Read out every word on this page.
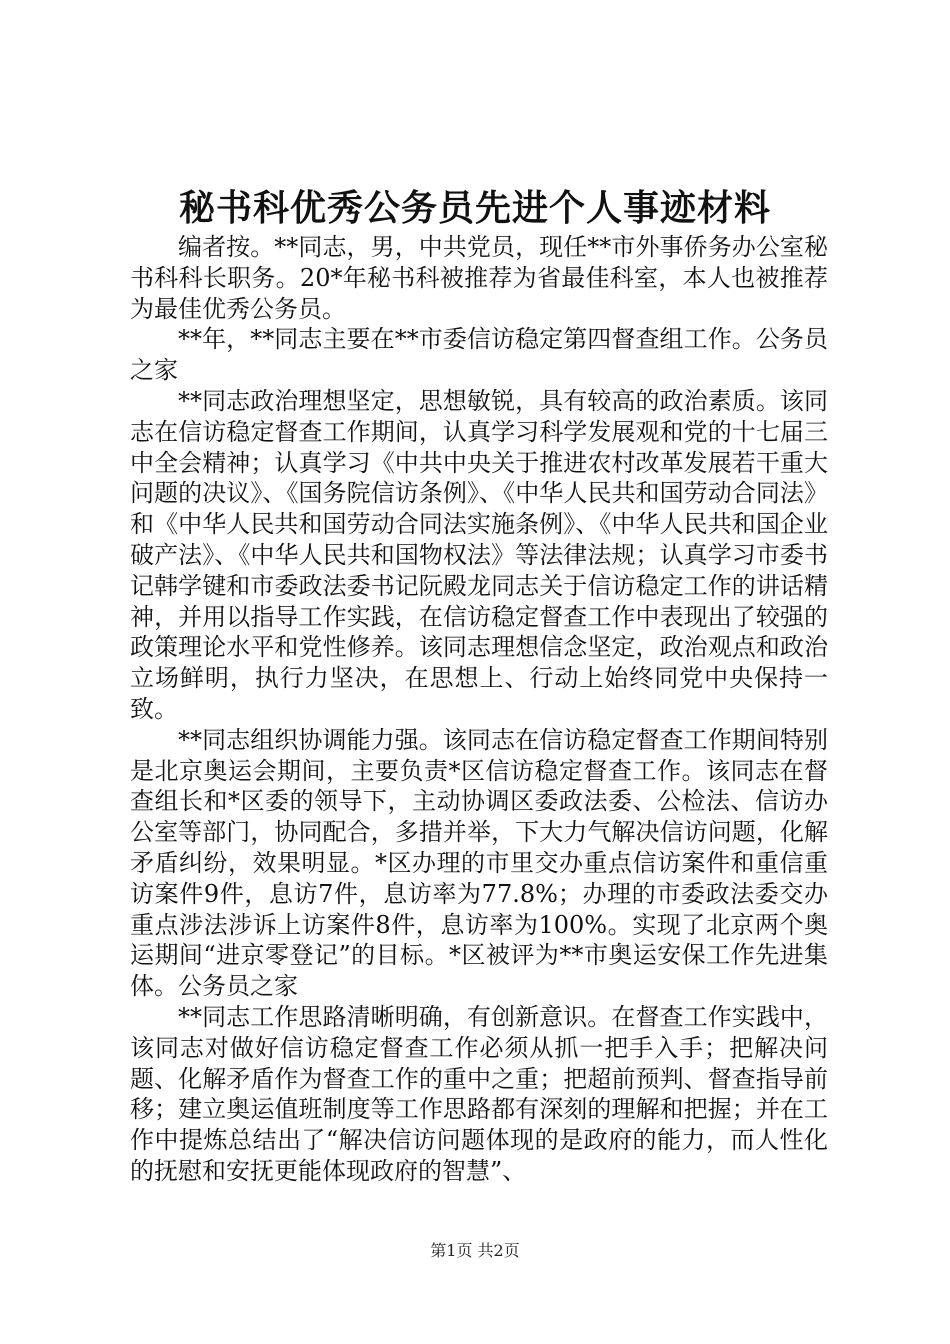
秘书科优秀公务员先进个人事迹材料

编者按。**同志，男，中共党员，现任**市外事侨务办公室秘书科科长职务。20*年秘书科被推荐为省最佳科室，本人也被推荐为最佳优秀公务员。

**年，**同志主要在**市委信访稳定第四督查组工作。公务员之家

**同志政治理想坚定，思想敏锐，具有较高的政治素质。该同志在信访稳定督查工作期间，认真学习科学发展观和党的十七届三中全会精神；认真学习《中共中央关于推进农村改革发展若干重大问题的决议》、《国务院信访条例》、《中华人民共和国劳动合同法》和《中华人民共和国劳动合同法实施条例》、《中华人民共和国企业破产法》、《中华人民共和国物权法》等法律法规；认真学习市委书记韩学键和市委政法委书记阮殿龙同志关于信访稳定工作的讲话精神，并用以指导工作实践，在信访稳定督查工作中表现出了较强的政策理论水平和党性修养。该同志理想信念坚定，政治观点和政治立场鲜明，执行力坚决，在思想上、行动上始终同党中央保持一致。

**同志组织协调能力强。该同志在信访稳定督查工作期间特别是北京奥运会期间，主要负责*区信访稳定督查工作。该同志在督查组长和*区委的领导下，主动协调区委政法委、公检法、信访办公室等部门，协同配合，多措并举，下大力气解决信访问题，化解矛盾纠纷，效果明显。*区办理的市里交办重点信访案件和重信重访案件9件，息访7件，息访率为77.8%；办理的市委政法委交办重点涉法涉诉上访案件8件，息访率为100%。实现了北京两个奥运期间“进京零登记”的目标。*区被评为**市奥运安保工作先进集体。公务员之家

**同志工作思路清晰明确，有创新意识。在督查工作实践中，该同志对做好信访稳定督查工作必须从抓一把手入手；把解决问题、化解矛盾作为督查工作的重中之重；把超前预判、督查指导前移；建立奥运值班制度等工作思路都有深刻的理解和把握；并在工作中提炼总结出了“解决信访问题体现的是政府的能力，而人性化的抚慰和安抚更能体现政府的智慧”、

第1页 共2页
